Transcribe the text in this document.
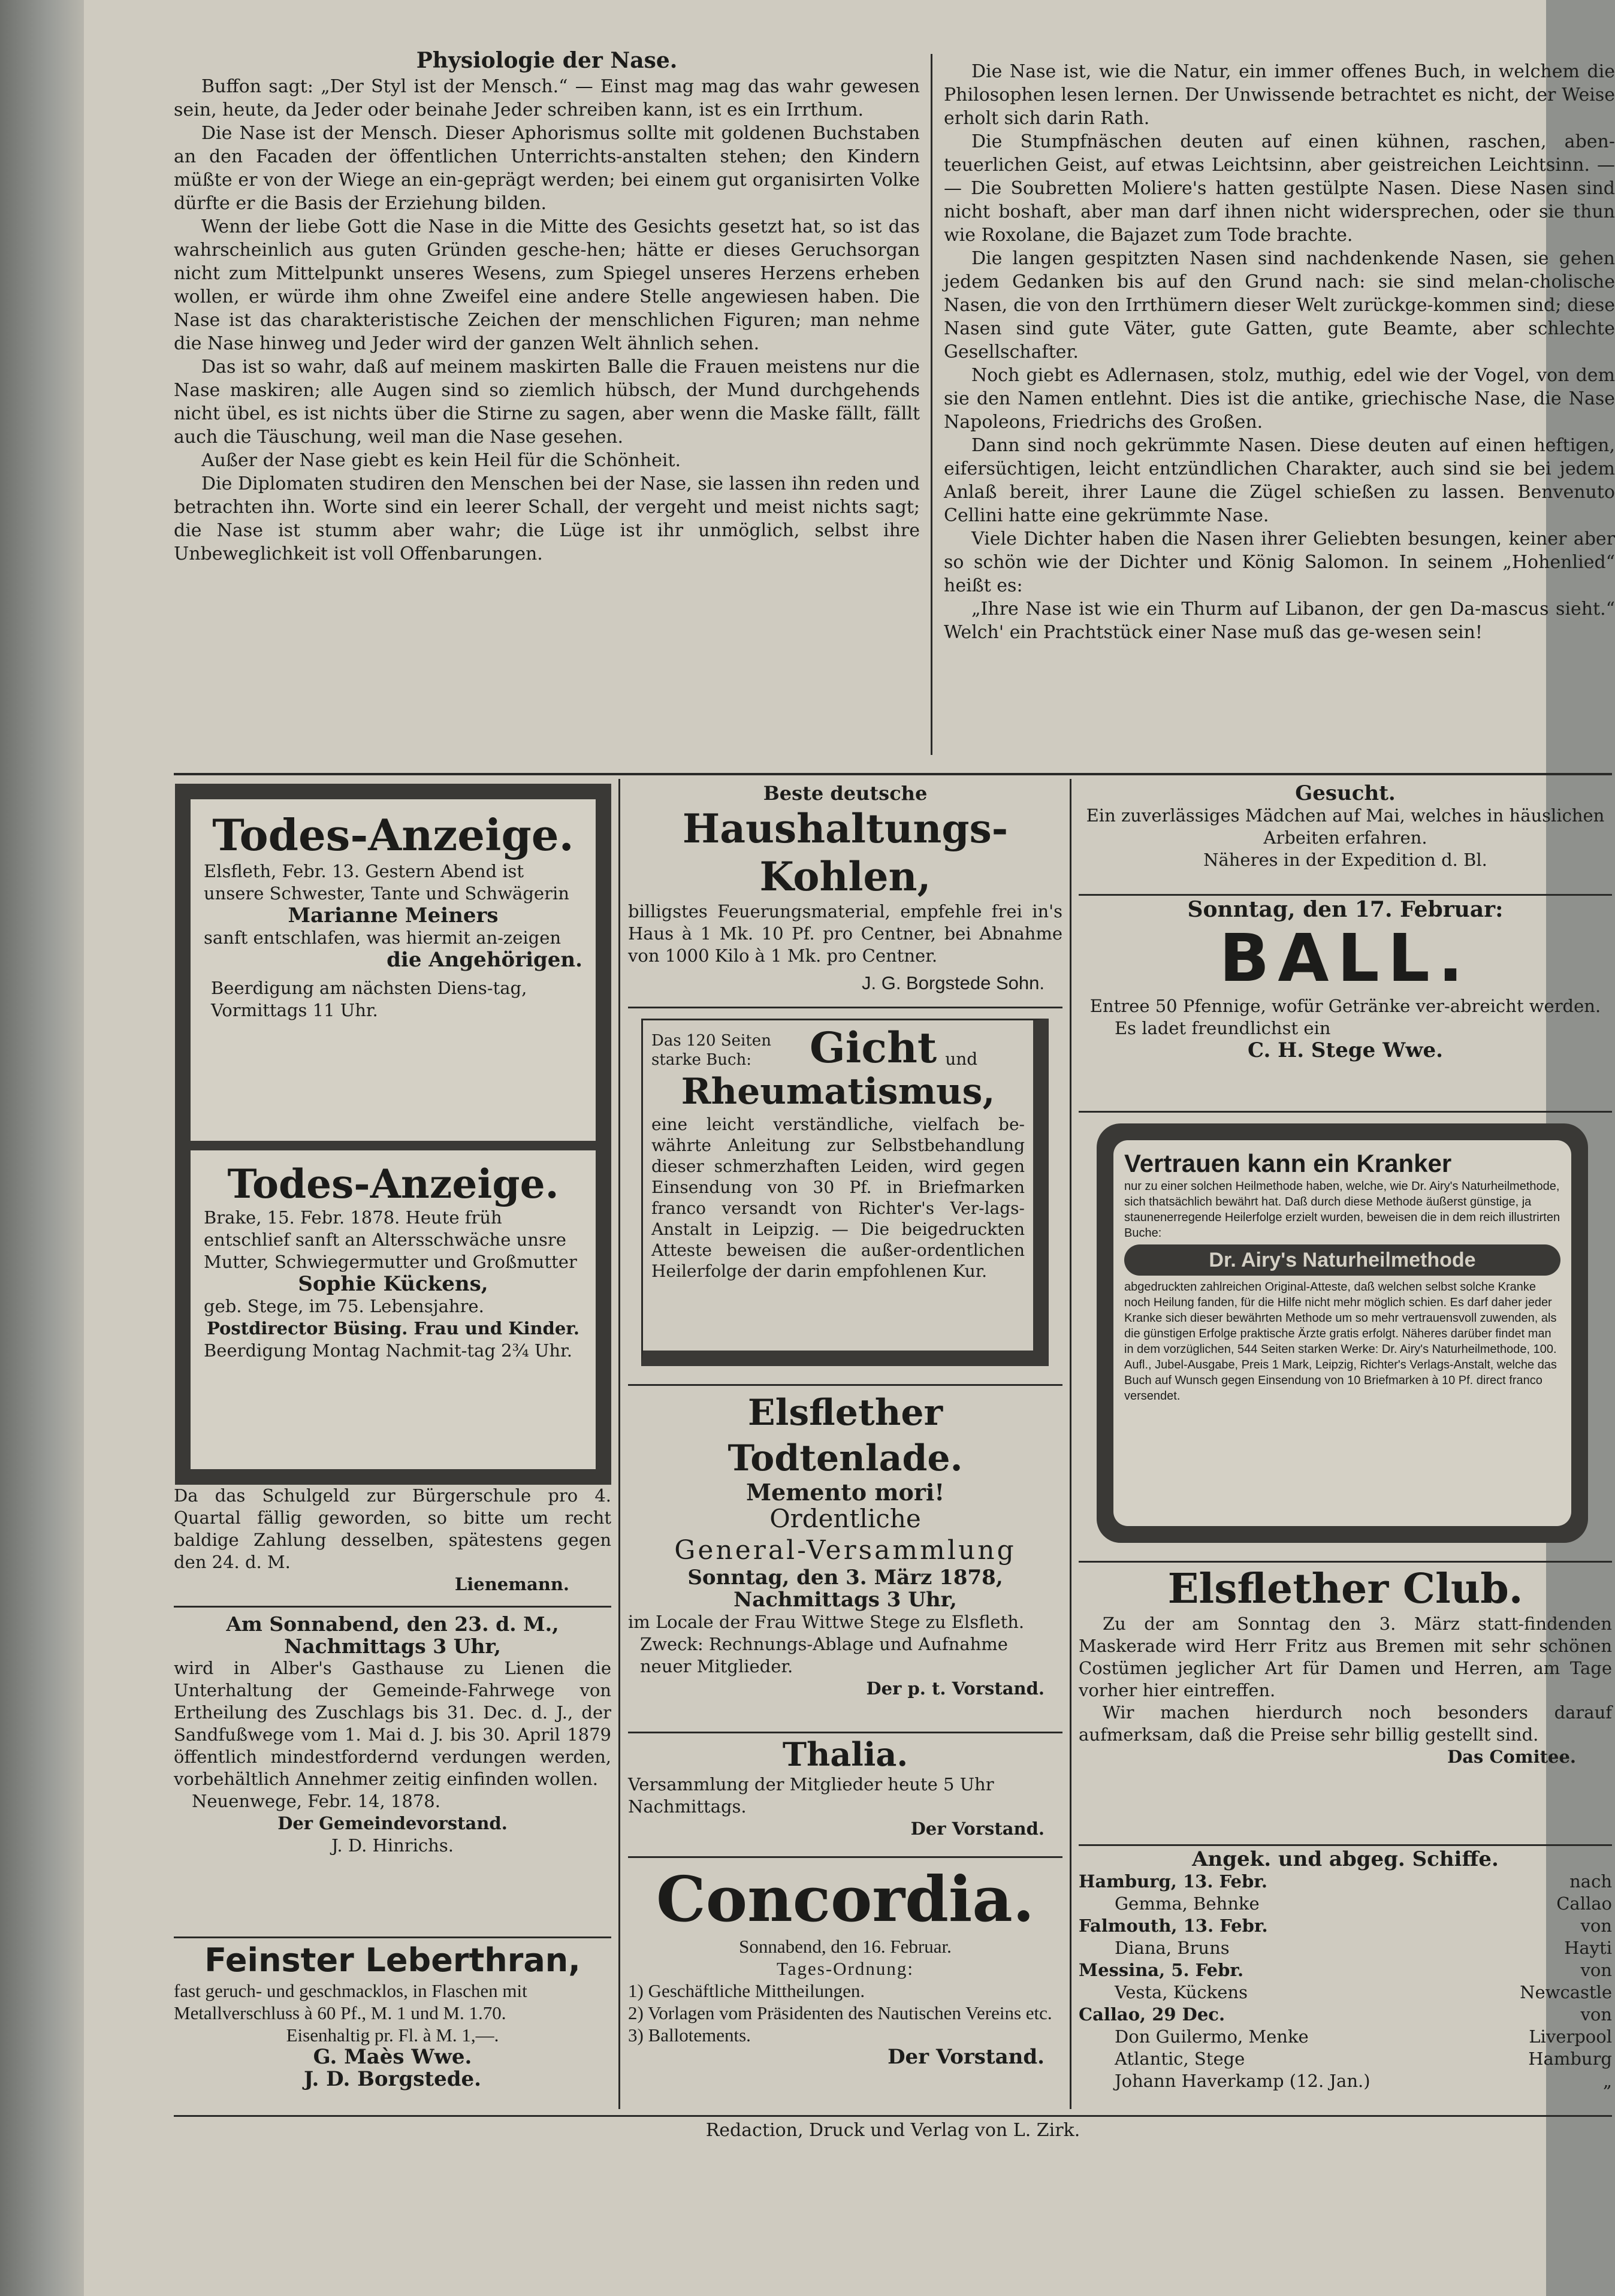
Physiologie der Nase.

Buffon sagt: „Der Styl ist der Mensch.“ — Einst mag mag das wahr gewesen sein, heute, da Jeder oder beinahe Jeder schreiben kann, ist es ein Irrthum.

Die Nase ist der Mensch. Dieser Aphorismus sollte mit goldenen Buchstaben an den Facaden der öffentlichen Unterrichts-anstalten stehen; den Kindern müßte er von der Wiege an ein-geprägt werden; bei einem gut organisirten Volke dürfte er die Basis der Erziehung bilden.

Wenn der liebe Gott die Nase in die Mitte des Gesichts gesetzt hat, so ist das wahrscheinlich aus guten Gründen gesche-hen; hätte er dieses Geruchsorgan nicht zum Mittelpunkt unseres Wesens, zum Spiegel unseres Herzens erheben wollen, er würde ihm ohne Zweifel eine andere Stelle angewiesen haben. Die Nase ist das charakteristische Zeichen der menschlichen Figuren; man nehme die Nase hinweg und Jeder wird der ganzen Welt ähnlich sehen.

Das ist so wahr, daß auf meinem maskirten Balle die Frauen meistens nur die Nase maskiren; alle Augen sind so ziemlich hübsch, der Mund durchgehends nicht übel, es ist nichts über die Stirne zu sagen, aber wenn die Maske fällt, fällt auch die Täuschung, weil man die Nase gesehen.

Außer der Nase giebt es kein Heil für die Schönheit.

Die Diplomaten studiren den Menschen bei der Nase, sie lassen ihn reden und betrachten ihn. Worte sind ein leerer Schall, der vergeht und meist nichts sagt; die Nase ist stumm aber wahr; die Lüge ist ihr unmöglich, selbst ihre Unbeweglichkeit ist voll Offenbarungen.

Die Nase ist, wie die Natur, ein immer offenes Buch, in welchem die Philosophen lesen lernen. Der Unwissende betrachtet es nicht, der Weise erholt sich darin Rath.

Die Stumpfnäschen deuten auf einen kühnen, raschen, aben-teuerlichen Geist, auf etwas Leichtsinn, aber geistreichen Leichtsinn. — — Die Soubretten Moliere's hatten gestülpte Nasen. Diese Nasen sind nicht boshaft, aber man darf ihnen nicht widersprechen, oder sie thun wie Roxolane, die Bajazet zum Tode brachte.

Die langen gespitzten Nasen sind nachdenkende Nasen, sie gehen jedem Gedanken bis auf den Grund nach: sie sind melan-cholische Nasen, die von den Irrthümern dieser Welt zurückge-kommen sind; diese Nasen sind gute Väter, gute Gatten, gute Beamte, aber schlechte Gesellschafter.

Noch giebt es Adlernasen, stolz, muthig, edel wie der Vogel, von dem sie den Namen entlehnt. Dies ist die antike, griechische Nase, die Nase Napoleons, Friedrichs des Großen.

Dann sind noch gekrümmte Nasen. Diese deuten auf einen heftigen, eifersüchtigen, leicht entzündlichen Charakter, auch sind sie bei jedem Anlaß bereit, ihrer Laune die Zügel schießen zu lassen. Benvenuto Cellini hatte eine gekrümmte Nase.

Viele Dichter haben die Nasen ihrer Geliebten besungen, keiner aber so schön wie der Dichter und König Salomon. In seinem „Hohenlied“ heißt es:

„Ihre Nase ist wie ein Thurm auf Libanon, der gen Da-mascus sieht.“ Welch' ein Prachtstück einer Nase muß das ge-wesen sein!

Todes-Anzeige.
Elsfleth, Febr. 13. Gestern Abend ist unsere Schwester, Tante und Schwägerin
Marianne Meiners
sanft entschlafen, was hiermit an-zeigen
die Angehörigen.
Beerdigung am nächsten Diens-tag, Vormittags 11 Uhr.
Todes-Anzeige.
Brake, 15. Febr. 1878. Heute früh entschlief sanft an Altersschwäche unsre Mutter, Schwiegermutter und Großmutter
Sophie Kückens,
geb. Stege, im 75. Lebensjahre.
Postdirector Büsing. Frau und Kinder.
Beerdigung Montag Nachmit-tag 2¾ Uhr.
Da das Schulgeld zur Bürgerschule pro 4. Quartal fällig geworden, so bitte um recht baldige Zahlung desselben, spätestens gegen den 24. d. M.
Lienemann.
Am Sonnabend, den 23. d. M., Nachmittags 3 Uhr,
wird in Alber's Gasthause zu Lienen die Unterhaltung der Gemeinde-Fahrwege von Ertheilung des Zuschlags bis 31. Dec. d. J., der Sandfußwege vom 1. Mai d. J. bis 30. April 1879 öffentlich mindestfordernd verdungen werden, vorbehältlich Annehmer zeitig einfinden wollen.
Neuenwege, Febr. 14, 1878.
Der Gemeindevorstand.
J. D. Hinrichs.
Feinster Leberthran,
fast geruch- und geschmacklos, in Flaschen mit Metallverschluss à 60 Pf., M. 1 und M. 1.70.
Eisenhaltig pr. Fl. à M. 1,—.
G. Maès Wwe.
J. D. Borgstede.
Beste deutsche
Haushaltungs-Kohlen,
billigstes Feuerungsmaterial, empfehle frei in's Haus à 1 Mk. 10 Pf. pro Centner, bei Abnahme von 1000 Kilo à 1 Mk. pro Centner.
J. G. Borgstede Sohn.
Das 120 Seiten starke Buch:	Gicht und
Rheumatismus,
eine leicht verständliche, vielfach be-währte Anleitung zur Selbstbehandlung dieser schmerzhaften Leiden, wird gegen Einsendung von 30 Pf. in Briefmarken franco versandt von Richter's Ver-lags-Anstalt in Leipzig. — Die beigedruckten Atteste beweisen die außer-ordentlichen Heilerfolge der darin empfohlenen Kur.
Elsflether Todtenlade.
Memento mori!
Ordentliche
General-Versammlung
Sonntag, den 3. März 1878,
Nachmittags 3 Uhr,
im Locale der Frau Wittwe Stege zu Elsfleth.
Zweck: Rechnungs-Ablage und Aufnahme neuer Mitglieder.
Der p. t. Vorstand.
Thalia.
Versammlung der Mitglieder heute 5 Uhr Nachmittags.
Der Vorstand.
Concordia.
Sonnabend, den 16. Februar.
Tages-Ordnung:
1) Geschäftliche Mittheilungen.
2) Vorlagen vom Präsidenten des Nautischen Vereins etc.
3) Ballotements.
Der Vorstand.
Gesucht.
Ein zuverlässiges Mädchen auf Mai, welches in häuslichen Arbeiten erfahren.
Näheres in der Expedition d. Bl.
Sonntag, den 17. Februar:
BALL.
Entree 50 Pfennige, wofür Getränke ver-abreicht werden.
Es ladet freundlichst ein
C. H. Stege Wwe.
Vertrauen kann ein Kranker
nur zu einer solchen Heilmethode haben, welche, wie Dr. Airy's Naturheilmethode, sich thatsächlich bewährt hat. Daß durch diese Methode äußerst günstige, ja staunenerregende Heilerfolge erzielt wurden, beweisen die in dem reich illustrirten Buche:
Dr. Airy's Naturheilmethode
abgedruckten zahlreichen Original-Atteste, daß welchen selbst solche Kranke noch Heilung fanden, für die Hilfe nicht mehr möglich schien. Es darf daher jeder Kranke sich dieser bewährten Methode um so mehr vertrauensvoll zuwenden, als die günstigen Erfolge praktische Ärzte gratis erfolgt. Näheres darüber findet man in dem vorzüglichen, 544 Seiten starken Werke: Dr. Airy's Naturheilmethode, 100. Aufl., Jubel-Ausgabe, Preis 1 Mark, Leipzig, Richter's Verlags-Anstalt, welche das Buch auf Wunsch gegen Einsendung von 10 Briefmarken à 10 Pf. direct franco versendet.
Elsflether Club.
Zu der am Sonntag den 3. März statt-findenden Maskerade wird Herr Fritz aus Bremen mit sehr schönen Costümen jeglicher Art für Damen und Herren, am Tage vorher hier eintreffen.
Wir machen hierdurch noch besonders darauf aufmerksam, daß die Preise sehr billig gestellt sind.
Das Comitee.
Angek. und abgeg. Schiffe.
Hamburg, 13. Febr.	nach
Gemma, Behnke	Callao
Falmouth, 13. Febr.	von
Diana, Bruns	Hayti
Messina, 5. Febr.	von
Vesta, Kückens	Newcastle
Callao, 29 Dec.	von
Don Guilermo, Menke	Liverpool
Atlantic, Stege	Hamburg
Johann Haverkamp (12. Jan.)	„
Redaction, Druck und Verlag von L. Zirk.
